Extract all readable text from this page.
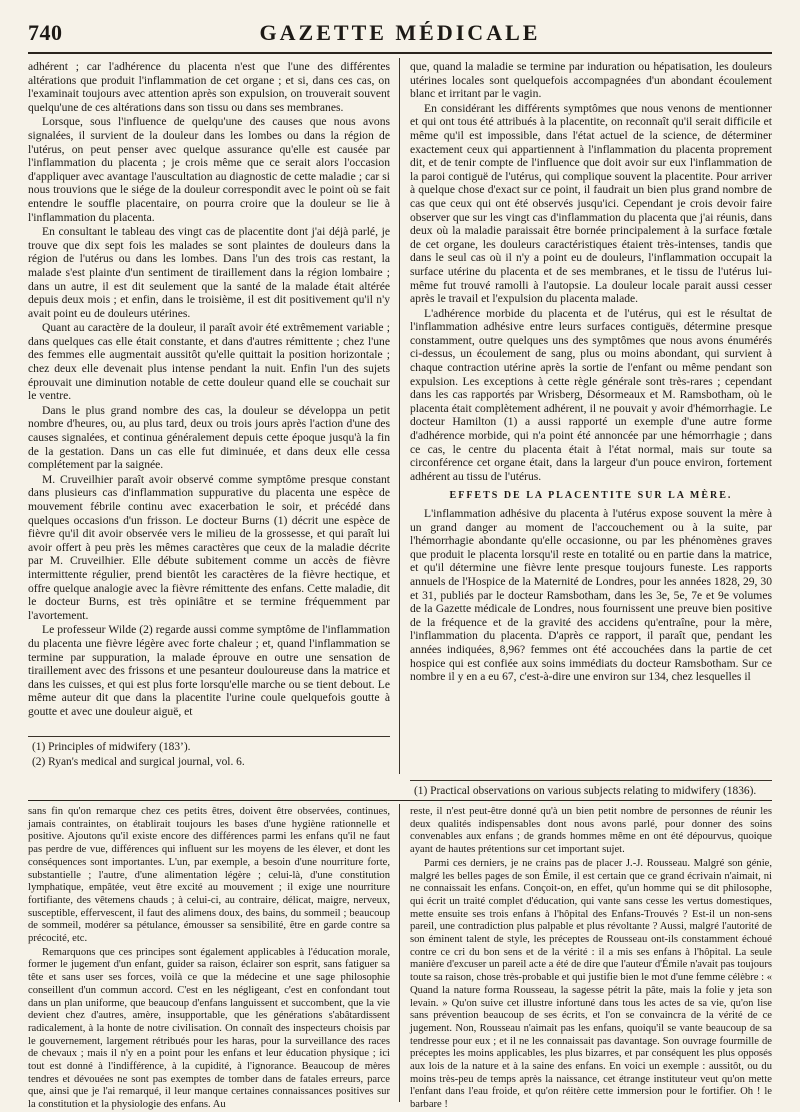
740	GAZETTE MÉDICALE

adhérent ; car l'adhérence du placenta n'est que l'une des différentes altérations que produit l'inflammation de cet organe ; et si, dans ces cas, on l'examinait toujours avec attention après son expulsion, on trouverait souvent quelqu'une de ces altérations dans son tissu ou dans ses membranes.

Lorsque, sous l'influence de quelqu'une des causes que nous avons signalées, il survient de la douleur dans les lombes ou dans la région de l'utérus, on peut penser avec quelque assurance qu'elle est causée par l'inflammation du placenta ; je crois même que ce serait alors l'occasion d'appliquer avec avantage l'auscultation au diagnostic de cette maladie ; car si nous trouvions que le siége de la douleur correspondit avec le point où se fait entendre le souffle placentaire, on pourra croire que la douleur se lie à l'inflammation du placenta.

En consultant le tableau des vingt cas de placentite dont j'ai déjà parlé, je trouve que dix sept fois les malades se sont plaintes de douleurs dans la région de l'utérus ou dans les lombes. Dans l'un des trois cas restant, la malade s'est plainte d'un sentiment de tiraillement dans la région lombaire ; dans un autre, il est dit seulement que la santé de la malade était altérée depuis deux mois ; et enfin, dans le troisième, il est dit positivement qu'il n'y avait point eu de douleurs utérines.

Quant au caractère de la douleur, il paraît avoir été extrêmement variable ; dans quelques cas elle était constante, et dans d'autres rémittente ; chez l'une des femmes elle augmentait aussitôt qu'elle quittait la position horizontale ; chez deux elle devenait plus intense pendant la nuit. Enfin l'un des sujets éprouvait une diminution notable de cette douleur quand elle se couchait sur le ventre.

Dans le plus grand nombre des cas, la douleur se développa un petit nombre d'heures, ou, au plus tard, deux ou trois jours après l'action d'une des causes signalées, et continua généralement depuis cette époque jusqu'à la fin de la gestation. Dans un cas elle fut diminuée, et dans deux elle cessa complétement par la saignée.

M. Cruveilhier paraît avoir observé comme symptôme presque constant dans plusieurs cas d'inflammation suppurative du placenta une espèce de mouvement fébrile continu avec exacerbation le soir, et précédé dans quelques occasions d'un frisson. Le docteur Burns (1) décrit une espèce de fièvre qu'il dit avoir observée vers le milieu de la grossesse, et qui paraît lui avoir offert à peu près les mêmes caractères que ceux de la maladie décrite par M. Cruveilhier. Elle débute subitement comme un accès de fièvre intermittente régulier, prend bientôt les caractères de la fièvre hectique, et offre quelque analogie avec la fièvre rémittente des enfans. Cette maladie, dit le docteur Burns, est très opiniâtre et se termine fréquemment par l'avortement.

Le professeur Wilde (2) regarde aussi comme symptôme de l'inflammation du placenta une fièvre légère avec forte chaleur ; et, quand l'inflammation se termine par suppuration, la malade éprouve en outre une sensation de tiraillement avec des frissons et une pesanteur douloureuse dans la matrice et dans les cuisses, et qui est plus forte lorsqu'elle marche ou se tient debout. Le même auteur dit que dans la placentite l'urine coule quelquefois goutte à goutte et avec une douleur aiguë, et

que, quand la maladie se termine par induration ou hépatisation, les douleurs utérines locales sont quelquefois accompagnées d'un abondant écoulement blanc et irritant par le vagin.

En considérant les différents symptômes que nous venons de mentionner et qui ont tous été attribués à la placentite, on reconnaît qu'il serait difficile et même qu'il est impossible, dans l'état actuel de la science, de déterminer exactement ceux qui appartiennent à l'inflammation du placenta proprement dit, et de tenir compte de l'influence que doit avoir sur eux l'inflammation de la paroi contiguë de l'utérus, qui complique souvent la placentite. Pour arriver à quelque chose d'exact sur ce point, il faudrait un bien plus grand nombre de cas que ceux qui ont été observés jusqu'ici. Cependant je crois devoir faire observer que sur les vingt cas d'inflammation du placenta que j'ai réunis, dans deux où la maladie paraissait être bornée principalement à la surface fœtale de cet organe, les douleurs caractéristiques étaient très-intenses, tandis que dans le seul cas où il n'y a point eu de douleurs, l'inflammation occupait la surface utérine du placenta et de ses membranes, et le tissu de l'utérus lui-même fut trouvé ramolli à l'autopsie. La douleur locale parait aussi cesser après le travail et l'expulsion du placenta malade.

L'adhérence morbide du placenta et de l'utérus, qui est le résultat de l'inflammation adhésive entre leurs surfaces contiguës, détermine presque constamment, outre quelques uns des symptômes que nous avons énumérés ci-dessus, un écoulement de sang, plus ou moins abondant, qui survient à chaque contraction utérine après la sortie de l'enfant ou même pendant son expulsion. Les exceptions à cette règle générale sont très-rares ; cependant dans les cas rapportés par Wrisberg, Désormeaux et M. Ramsbotham, où le placenta était complètement adhérent, il ne pouvait y avoir d'hémorrhagie. Le docteur Hamilton (1) a aussi rapporté un exemple d'une autre forme d'adhérence morbide, qui n'a point été annoncée par une hémorrhagie ; dans ce cas, le centre du placenta était à l'état normal, mais sur toute sa circonférence cet organe était, dans la largeur d'un pouce environ, fortement adhérent au tissu de l'utérus.

EFFETS DE LA PLACENTITE SUR LA MÈRE.

L'inflammation adhésive du placenta à l'utérus expose souvent la mère à un grand danger au moment de l'accouchement ou à la suite, par l'hémorrhagie abondante qu'elle occasionne, ou par les phénomènes graves que produit le placenta lorsqu'il reste en totalité ou en partie dans la matrice, et qu'il détermine une fièvre lente presque toujours funeste. Les rapports annuels de l'Hospice de la Maternité de Londres, pour les années 1828, 29, 30 et 31, publiés par le docteur Ramsbotham, dans les 3e, 5e, 7e et 9e volumes de la Gazette médicale de Londres, nous fournissent une preuve bien positive de la fréquence et de la gravité des accidens qu'entraîne, pour la mère, l'inflammation du placenta. D'après ce rapport, il paraît que, pendant les années indiquées, 8,96? femmes ont été accouchées dans la partie de cet hospice qui est confiée aux soins immédiats du docteur Ramsbotham. Sur ce nombre il y en a eu 67, c'est-à-dire une environ sur 134, chez lesquelles il

(1) Principles of midwifery (183’).
(2) Ryan's medical and surgical journal, vol. 6.
(1) Practical observations on various subjects relating to midwifery (1836).

sans fin qu'on remarque chez ces petits êtres, doivent être observées, continues, jamais contraintes, on établirait toujours les bases d'une hygiène rationnelle et positive. Ajoutons qu'il existe encore des différences parmi les enfans qu'il ne faut pas perdre de vue, différences qui influent sur les moyens de les élever, et dont les conséquences sont importantes. L'un, par exemple, a besoin d'une nourriture forte, substantielle ; l'autre, d'une alimentation légère ; celui-là, d'une constitution lymphatique, empâtée, veut être excité au mouvement ; il exige une nourriture fortifiante, des vêtemens chauds ; à celui-ci, au contraire, délicat, maigre, nerveux, susceptible, effervescent, il faut des alimens doux, des bains, du sommeil ; beaucoup de sommeil, modérer sa pétulance, émousser sa sensibilité, être en garde contre sa précocité, etc.

Remarquons que ces principes sont également applicables à l'éducation morale, former le jugement d'un enfant, guider sa raison, éclairer son esprit, sans fatiguer sa tête et sans user ses forces, voilà ce que la médecine et une sage philosophie conseillent d'un commun accord. C'est en les négligeant, c'est en confondant tout dans un plan uniforme, que beaucoup d'enfans languissent et succombent, que la vie devient chez d'autres, amère, insupportable, que les générations s'abâtardissent radicalement, à la honte de notre civilisation. On connaît des inspecteurs choisis par le gouvernement, largement rétribués pour les haras, pour la surveillance des races de chevaux ; mais il n'y en a point pour les enfans et leur éducation physique ; ici tout est donné à l'indifférence, à la cupidité, à l'ignorance. Beaucoup de mères tendres et dévouées ne sont pas exemptes de tomber dans de fatales erreurs, parce que, ainsi que je l'ai remarqué, il leur manque certaines connaissances positives sur la constitution et la physiologie des enfans. Au

reste, il n'est peut-être donné qu'à un bien petit nombre de personnes de réunir les deux qualités indispensables dont nous avons parlé, pour donner des soins convenables aux enfans ; de grands hommes même en ont été dépourvus, quoique ayant de hautes prétentions sur cet important sujet.

Parmi ces derniers, je ne crains pas de placer J.-J. Rousseau. Malgré son génie, malgré les belles pages de son Émile, il est certain que ce grand écrivain n'aimait, ni ne connaissait les enfans. Conçoit-on, en effet, qu'un homme qui se dit philosophe, qui écrit un traité complet d'éducation, qui vante sans cesse les vertus domestiques, mette ensuite ses trois enfans à l'hôpital des Enfans-Trouvés ? Est-il un non-sens pareil, une contradiction plus palpable et plus révoltante ? Aussi, malgré l'autorité de son éminent talent de style, les préceptes de Rousseau ont-ils constamment échoué contre ce cri du bon sens et de la vérité : il a mis ses enfans à l'hôpital. La seule manière d'excuser un pareil acte a été de dire que l'auteur d'Émile n'avait pas toujours toute sa raison, chose très-probable et qui justifie bien le mot d'une femme célèbre : « Quand la nature forma Rousseau, la sagesse pétrit la pâte, mais la folie y jeta son levain. » Qu'on suive cet illustre infortuné dans tous les actes de sa vie, qu'on lise sans prévention beaucoup de ses écrits, et l'on se convaincra de la vérité de ce jugement. Non, Rousseau n'aimait pas les enfans, quoiqu'il se vante beaucoup de sa tendresse pour eux ; et il ne les connaissait pas davantage. Son ouvrage fourmille de préceptes les moins applicables, les plus bizarres, et par conséquent les plus opposés aux lois de la nature et à la saine des enfans. En voici un exemple : aussitôt, ou du moins très-peu de temps après la naissance, cet étrange instituteur veut qu'on mette l'enfant dans l'eau froide, et qu'on réitère cette immersion pour le fortifier. Oh ! le barbare !
